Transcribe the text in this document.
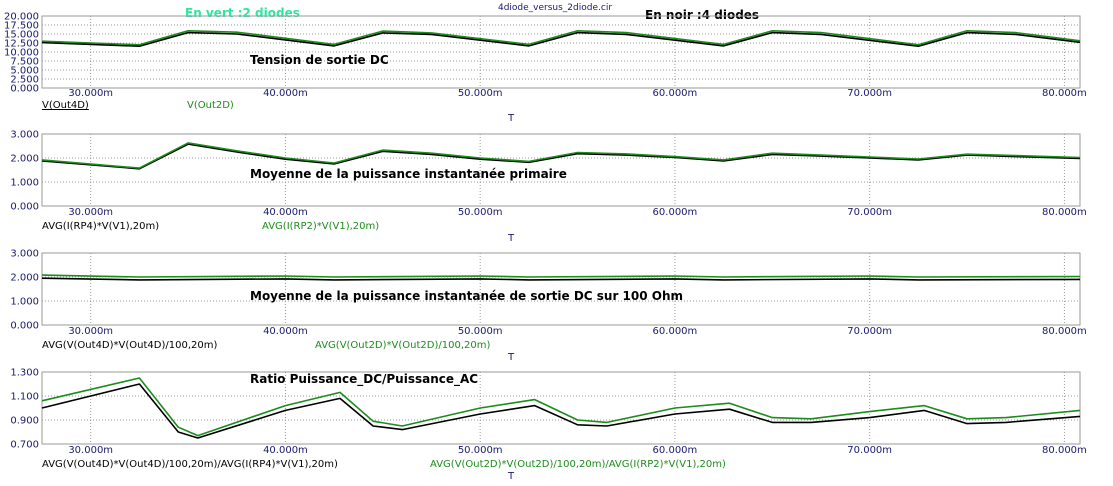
4diode_versus_2diode.cir
En vert :2 diodes	En noir :4 diodes
0.000
2.500
5.000
7.500
10.000
12.500
15.000
17.500
20.000
30.000m	40.000m	50.000m	60.000m	70.000m	80.000m
V(Out4D)	V(Out2D)
Tension de sortie DC
T
0.000
1.000
2.000
3.000
30.000m	40.000m	50.000m	60.000m	70.000m	80.000m
AVG(I(RP4)*V(V1),20m)	AVG(I(RP2)*V(V1),20m)
Moyenne de la puissance instantanée primaire
T
0.000
1.000
2.000
3.000
30.000m	40.000m	50.000m	60.000m	70.000m	80.000m
AVG(V(Out4D)*V(Out4D)/100,20m)	AVG(V(Out2D)*V(Out2D)/100,20m)
Moyenne de la puissance instantanée de sortie DC sur 100 Ohm
T
0.700
0.900
1.100
1.300
30.000m	40.000m	50.000m	60.000m	70.000m	80.000m
AVG(V(Out4D)*V(Out4D)/100,20m)/AVG(I(RP4)*V(V1),20m)	AVG(V(Out2D)*V(Out2D)/100,20m)/AVG(I(RP2)*V(V1),20m)
Ratio Puissance_DC/Puissance_AC
T
